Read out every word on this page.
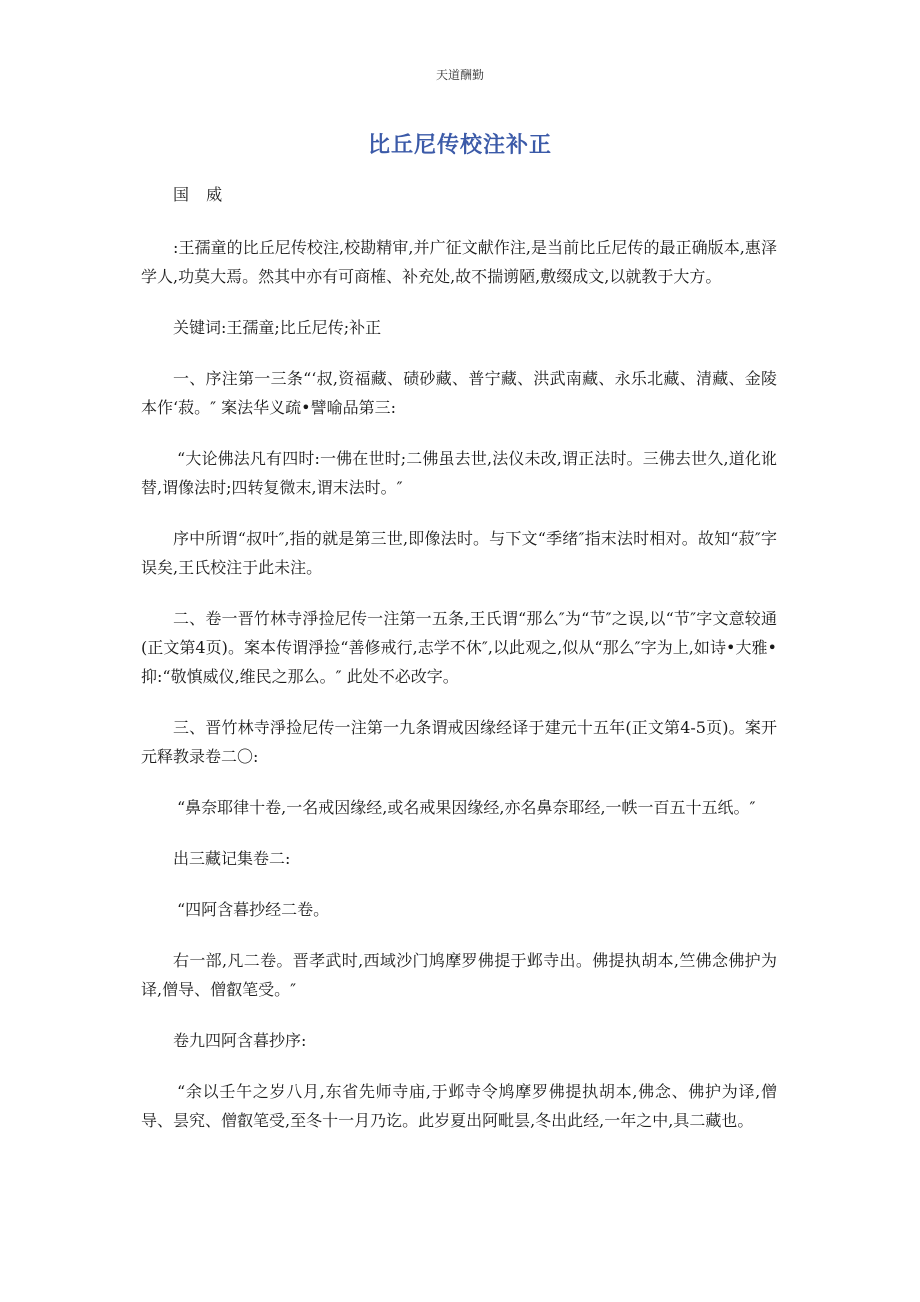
天道酬勤
比丘尼传校注补正

国 威

:王孺童的比丘尼传校注,校勘精审,并广征文献作注,是当前比丘尼传的最正确版本,惠泽学人,功莫大焉。然其中亦有可商榷、补充处,故不揣谫陋,敷缀成文,以就教于大方。

关键词:王孺童;比丘尼传;补正

一、序注第一三条“‘叔,资福藏、碛砂藏、普宁藏、洪武南藏、永乐北藏、清藏、金陵本作‘菽。″ 案法华义疏•譬喻品第三:

“大论佛法凡有四时:一佛在世时;二佛虽去世,法仪未改,谓正法时。三佛去世久,道化讹替,谓像法时;四转复微末,谓末法时。″

序中所谓“叔叶″,指的就是第三世,即像法时。与下文“季绪″指末法时相对。故知“菽″字误矣,王氏校注于此未注。

二、卷一晋竹林寺淨捡尼传一注第一五条,王氏谓“那么″为“节″之误,以“节″字文意较通(正文第4页)。案本传谓淨捡“善修戒行,志学不休″,以此观之,似从“那么″字为上,如诗•大雅•抑:“敬慎威仪,维民之那么。″ 此处不必改字。

三、晋竹林寺淨捡尼传一注第一九条谓戒因缘经译于建元十五年(正文第4-5页)。案开元释教录卷二〇:

“鼻奈耶律十卷,一名戒因缘经,或名戒果因缘经,亦名鼻奈耶经,一帙一百五十五纸。″

出三藏记集卷二:

“四阿含暮抄经二卷。

右一部,凡二卷。晋孝武时,西域沙门鸠摩罗佛提于邺寺出。佛提执胡本,竺佛念佛护为译,僧导、僧叡笔受。″

卷九四阿含暮抄序:

“余以壬午之岁八月,东省先师寺庙,于邺寺令鸠摩罗佛提执胡本,佛念、佛护为译,僧导、昙究、僧叡笔受,至冬十一月乃讫。此岁夏出阿毗昙,冬出此经,一年之中,具二藏也。
